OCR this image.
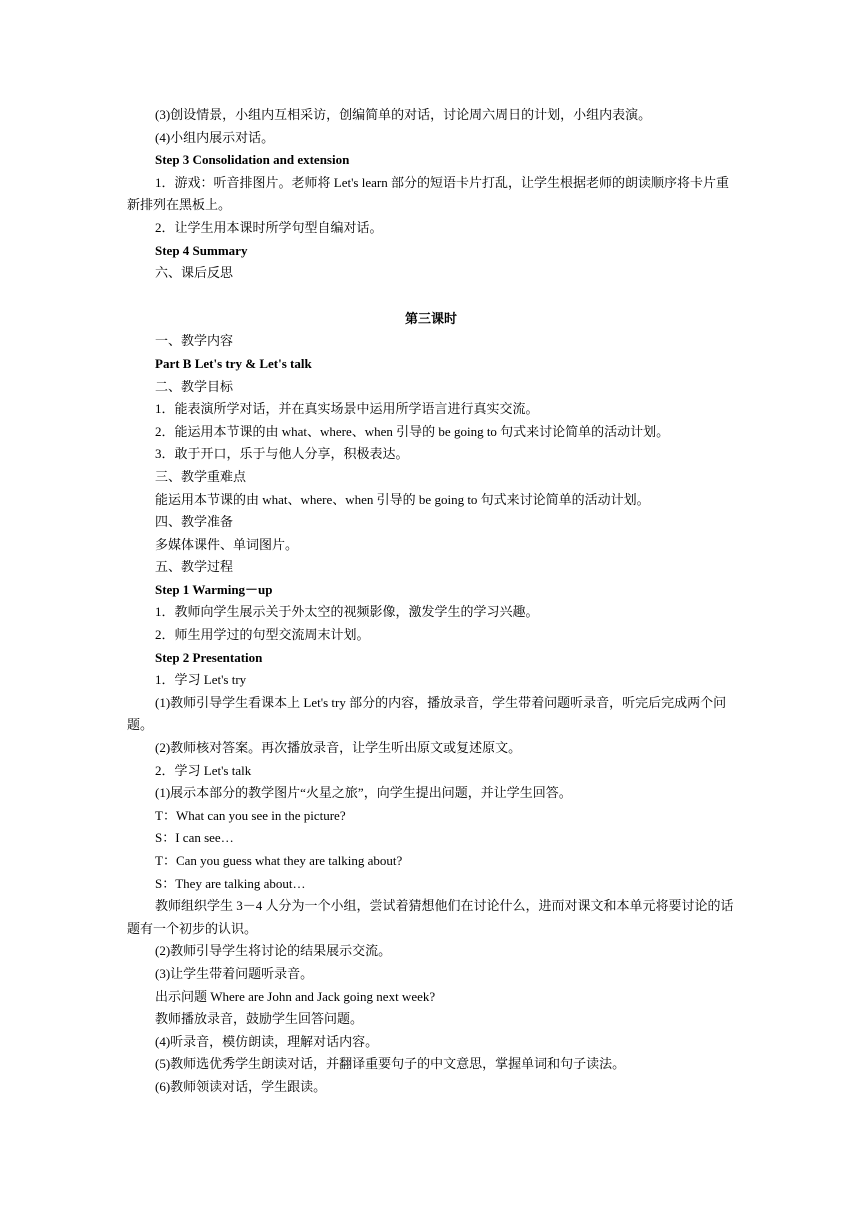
(3)创设情景，小组内互相采访，创编简单的对话，讨论周六周日的计划，小组内表演。

(4)小组内展示对话。

Step 3 Consolidation and extension

1．游戏：听音排图片。老师将 Let's learn 部分的短语卡片打乱，让学生根据老师的朗读顺序将卡片重新排列在黑板上。

2．让学生用本课时所学句型自编对话。

Step 4 Summary

六、课后反思

第三课时

一、教学内容

Part B Let's try & Let's talk

二、教学目标

1．能表演所学对话，并在真实场景中运用所学语言进行真实交流。

2．能运用本节课的由 what、where、when 引导的 be going to 句式来讨论简单的活动计划。

3．敢于开口，乐于与他人分享，积极表达。

三、教学重难点

能运用本节课的由 what、where、when 引导的 be going to 句式来讨论简单的活动计划。

四、教学准备

多媒体课件、单词图片。

五、教学过程

Step 1 Warming－up

1．教师向学生展示关于外太空的视频影像，激发学生的学习兴趣。

2．师生用学过的句型交流周末计划。

Step 2 Presentation

1．学习 Let's try

(1)教师引导学生看课本上 Let's try 部分的内容，播放录音，学生带着问题听录音，听完后完成两个问题。

(2)教师核对答案。再次播放录音，让学生听出原文或复述原文。

2．学习 Let's talk

(1)展示本部分的教学图片“火星之旅”，向学生提出问题，并让学生回答。

T：What can you see in the picture?

S：I can see…

T：Can you guess what they are talking about?

S：They are talking about…

教师组织学生 3－4 人分为一个小组，尝试着猜想他们在讨论什么，进而对课文和本单元将要讨论的话题有一个初步的认识。

(2)教师引导学生将讨论的结果展示交流。

(3)让学生带着问题听录音。

出示问题 Where are John and Jack going next week?

教师播放录音，鼓励学生回答问题。

(4)听录音，模仿朗读，理解对话内容。

(5)教师选优秀学生朗读对话，并翻译重要句子的中文意思，掌握单词和句子读法。

(6)教师领读对话，学生跟读。
